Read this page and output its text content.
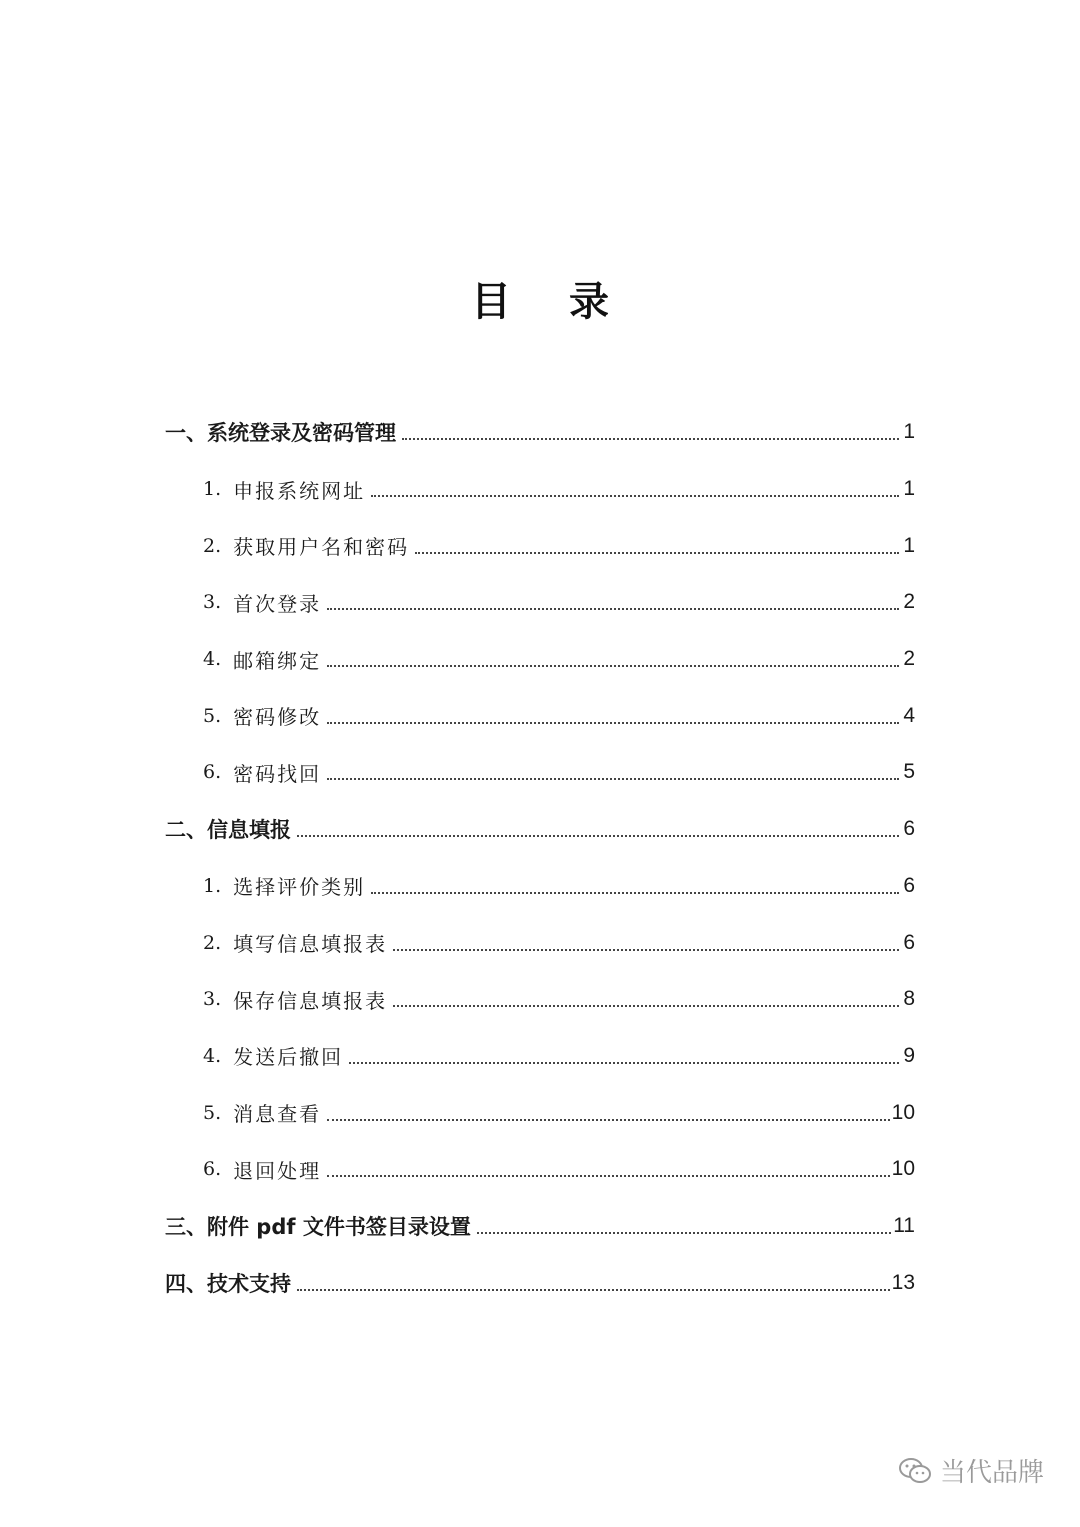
目 录
一、系统登录及密码管理	1
1. 申报系统网址	1
2. 获取用户名和密码	1
3. 首次登录	2
4. 邮箱绑定	2
5. 密码修改	4
6. 密码找回	5
二、信息填报	6
1. 选择评价类别	6
2. 填写信息填报表	6
3. 保存信息填报表	8
4. 发送后撤回	9
5. 消息查看	10
6. 退回处理	10
三、附件 pdf 文件书签目录设置	11
四、技术支持	13
当代品牌
